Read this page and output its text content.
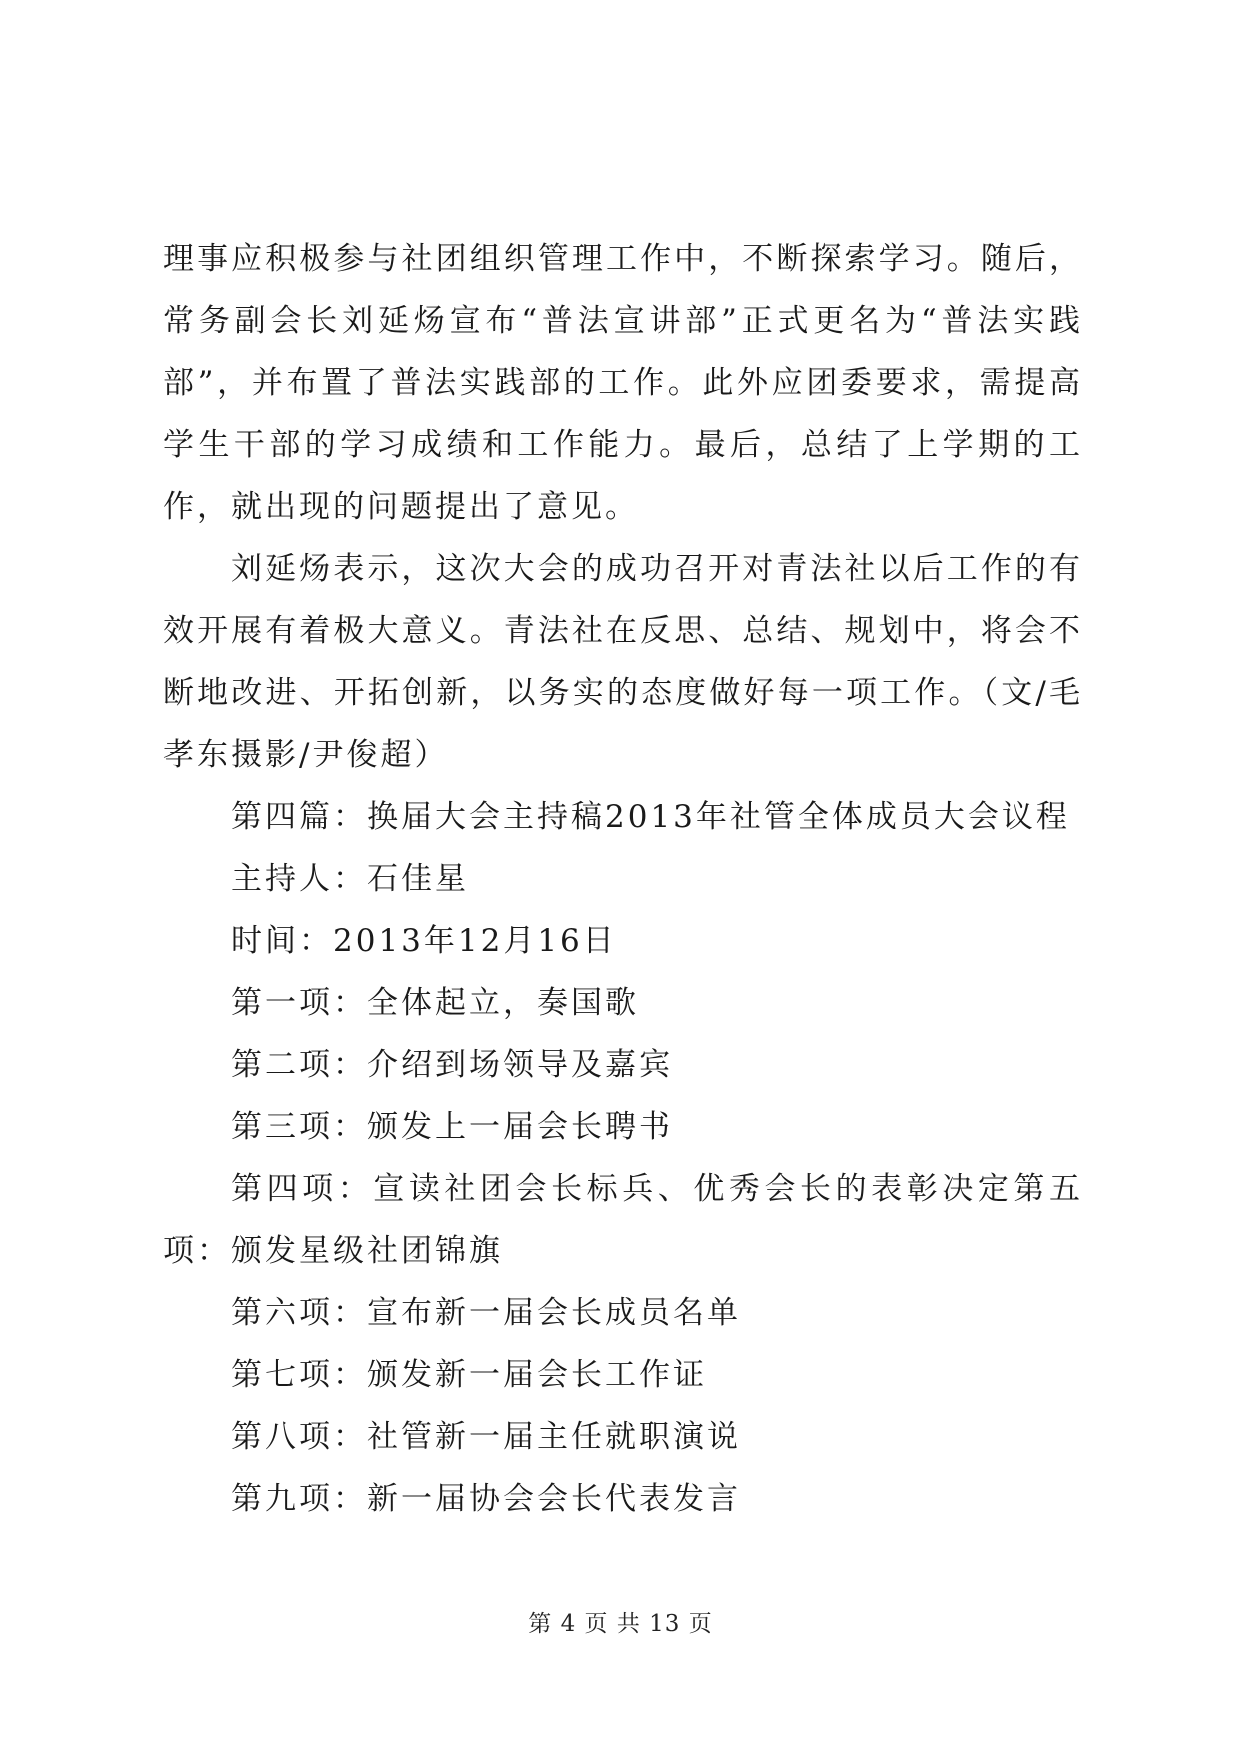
理事应积极参与社团组织管理工作中，不断探索学习。随后，常务副会长刘延炀宣布“普法宣讲部”正式更名为“普法实践部”，并布置了普法实践部的工作。此外应团委要求，需提高学生干部的学习成绩和工作能力。最后，总结了上学期的工作，就出现的问题提出了意见。

刘延炀表示，这次大会的成功召开对青法社以后工作的有效开展有着极大意义。青法社在反思、总结、规划中，将会不断地改进、开拓创新，以务实的态度做好每一项工作。（文/毛孝东摄影/尹俊超）

第四篇：换届大会主持稿2013年社管全体成员大会议程

主持人：石佳星

时间：2013年12月16日

第一项：全体起立，奏国歌

第二项：介绍到场领导及嘉宾

第三项：颁发上一届会长聘书

第四项：宣读社团会长标兵、优秀会长的表彰决定第五项：颁发星级社团锦旗

第六项：宣布新一届会长成员名单

第七项：颁发新一届会长工作证

第八项：社管新一届主任就职演说

第九项：新一届协会会长代表发言

第 4 页 共 13 页
